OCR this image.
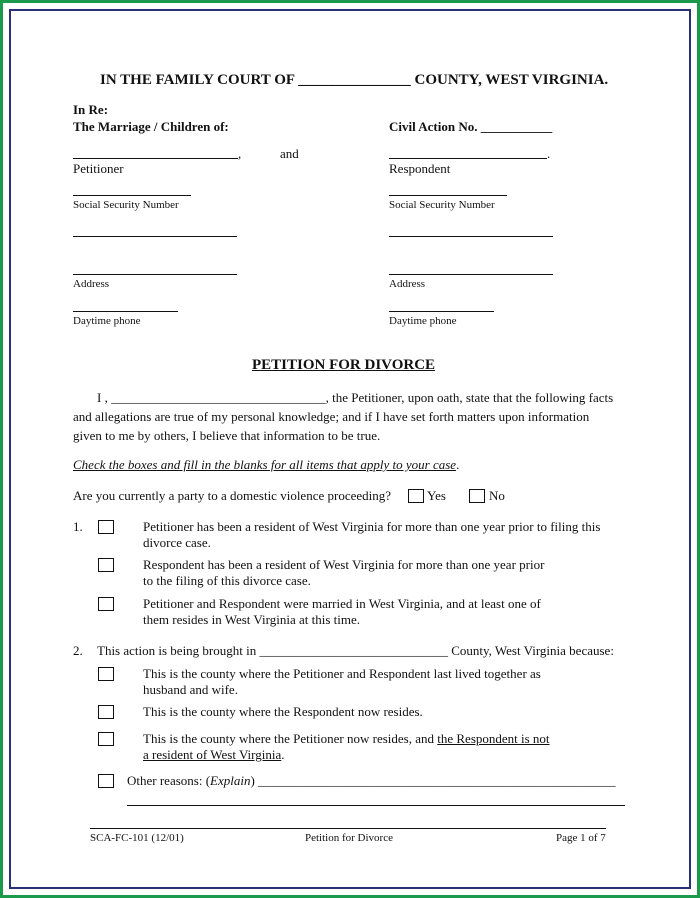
IN THE FAMILY COURT OF _______________ COUNTY, WEST VIRGINIA.
In Re:
The Marriage / Children of:	Civil Action No. ___________
,	and	.
Petitioner	Respondent
Social Security Number	Social Security Number
Address	Address
Daytime phone	Daytime phone
PETITION FOR DIVORCE
I , _________________________________, the Petitioner, upon oath, state that the following facts
and allegations are true of my personal knowledge; and if I have set forth matters upon information
given to me by others, I believe that information to be true.
Check the boxes and fill in the blanks for all items that apply to your case.
Are you currently a party to a domestic violence proceeding?	Yes	No
1.	Petitioner has been a resident of West Virginia for more than one year prior to filing this
divorce case.
Respondent has been a resident of West Virginia for more than one year prior
to the filing of this divorce case.
Petitioner and Respondent were married in West Virginia, and at least one of
them resides in West Virginia at this time.
2. This action is being brought in _____________________________ County, West Virginia because:
This is the county where the Petitioner and Respondent last lived together as
husband and wife.
This is the county where the Respondent now resides.
This is the county where the Petitioner now resides, and the Respondent is not
a resident of West Virginia.
Other reasons: (Explain) _______________________________________________________
SCA-FC-101 (12/01)	Petition for Divorce	Page 1 of 7
